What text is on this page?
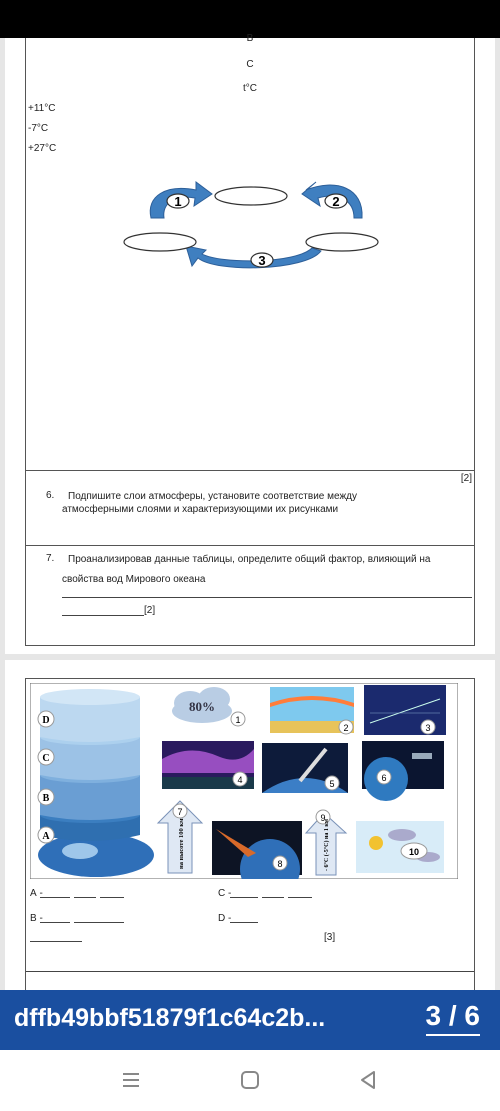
B
C
t°C
+11°C
-7°C
+27°C
1	2
3
[2]
6. Подпишите слои атмосферы, установите соответствие между
атмосферными слоями и характеризующими их рисунками
7. Проанализировав данные таблицы, определите общий фактор, влияющий на
свойства вод Мирового океана
[2]
D
C
B
A
80%
1
2	3
4	5
6
7
на высоте 100 км	8
9
- 6°C (-5°C) на 1 км	10
А -	C -
B -	D -
[3]
dffb49bbf51879f1c64c2b...	3 / 6
